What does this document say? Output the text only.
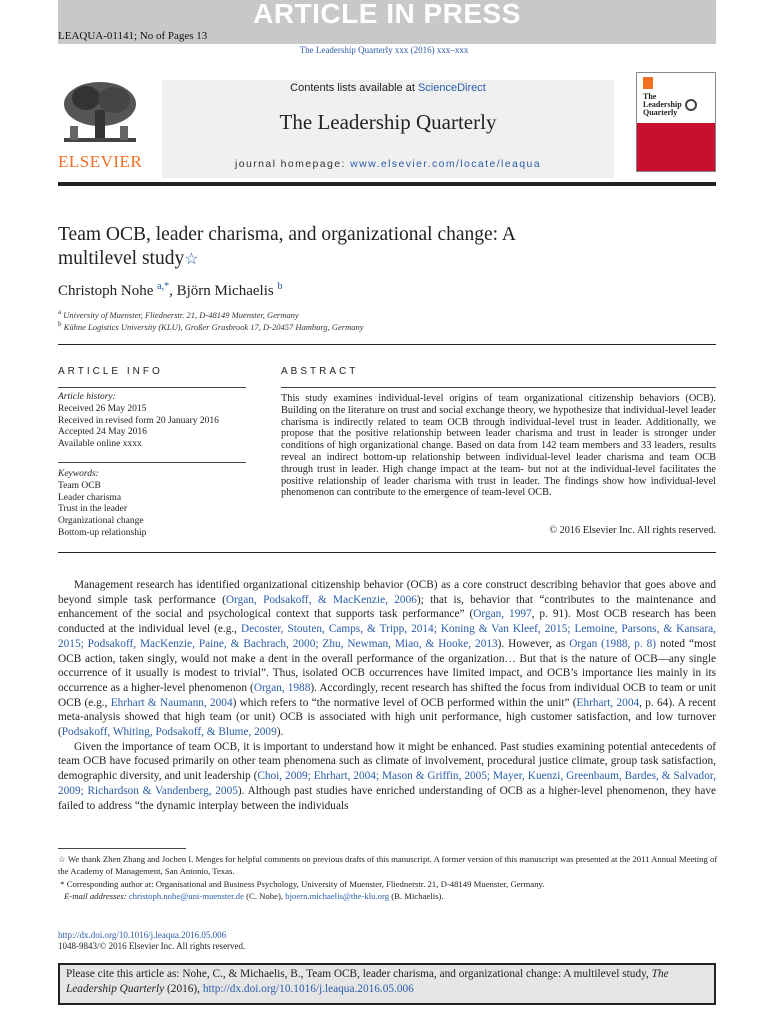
ARTICLE IN PRESS
LEAQUA-01141; No of Pages 13
The Leadership Quarterly xxx (2016) xxx–xxx
ELSEVIER
Contents lists available at ScienceDirect
The Leadership Quarterly
journal homepage: www.elsevier.com/locate/leaqua
The
Leadership
Quarterly
Team OCB, leader charisma, and organizational change: A
multilevel study☆
Christoph Nohe $^{a,*}$, Björn Michaelis $^b$
$^a$ University of Muenster, Fliednerstr. 21, D-48149 Muenster, Germany
$^b$ Kühne Logistics University (KLU), Großer Grasbrook 17, D-20457 Hamburg, Germany
ARTICLE INFO
Article history:
Received 26 May 2015
Received in revised form 20 January 2016
Accepted 24 May 2016
Available online xxxx
Keywords:
Team OCB
Leader charisma
Trust in the leader
Organizational change
Bottom-up relationship
ABSTRACT
This study examines individual-level origins of team organizational citizenship behaviors (OCB). Building on the literature on trust and social exchange theory, we hypothesize that individual-level leader charisma is indirectly related to team OCB through individual-level trust in leader. Additionally, we propose that the positive relationship between leader charisma and trust in leader is stronger under conditions of high organizational change. Based on data from 142 team members and 33 leaders, results reveal an indirect bottom-up relationship between individual-level leader charisma and team OCB through trust in leader. High change impact at the team- but not at the individual-level facilitates the positive relationship of leader charisma with trust in leader. The findings show how individual-level phenomenon can contribute to the emergence of team-level OCB.
© 2016 Elsevier Inc. All rights reserved.

Management research has identified organizational citizenship behavior (OCB) as a core construct describing behavior that goes above and beyond simple task performance (Organ, Podsakoff, & MacKenzie, 2006); that is, behavior that “contributes to the maintenance and enhancement of the social and psychological context that supports task performance” (Organ, 1997, p. 91). Most OCB research has been conducted at the individual level (e.g., Decoster, Stouten, Camps, & Tripp, 2014; Koning & Van Kleef, 2015; Lemoine, Parsons, & Kansara, 2015; Podsakoff, MacKenzie, Paine, & Bachrach, 2000; Zhu, Newman, Miao, & Hooke, 2013). However, as Organ (1988, p. 8) noted “most OCB action, taken singly, would not make a dent in the overall performance of the organization… But that is the nature of OCB—any single occurrence of it usually is modest to trivial”. Thus, isolated OCB occurrences have limited impact, and OCB’s importance lies mainly in its occurrence as a higher-level phenomenon (Organ, 1988). Accordingly, recent research has shifted the focus from individual OCB to team or unit OCB (e.g., Ehrhart & Naumann, 2004) which refers to “the normative level of OCB performed within the unit” (Ehrhart, 2004, p. 64). A recent meta-analysis showed that high team (or unit) OCB is associated with high unit performance, high customer satisfaction, and low turnover (Podsakoff, Whiting, Podsakoff, & Blume, 2009).

Given the importance of team OCB, it is important to understand how it might be enhanced. Past studies examining potential antecedents of team OCB have focused primarily on other team phenomena such as climate of involvement, procedural justice climate, group task satisfaction, demographic diversity, and unit leadership (Choi, 2009; Ehrhart, 2004; Mason & Griffin, 2005; Mayer, Kuenzi, Greenbaum, Bardes, & Salvador, 2009; Richardson & Vandenberg, 2005). Although past studies have enriched understanding of OCB as a higher-level phenomenon, they have failed to address “the dynamic interplay between the individuals

☆ We thank Zhen Zhang and Jochen I. Menges for helpful comments on previous drafts of this manuscript. A former version of this manuscript was presented at the 2011 Annual Meeting of the Academy of Management, San Antonio, Texas.
* Corresponding author at: Organisational and Business Psychology, University of Muenster, Fliednerstr. 21, D-48149 Muenster, Germany.
E-mail addresses: christoph.nohe@uni-muenster.de (C. Nohe), bjoern.michaelis@the-klu.org (B. Michaelis).
http://dx.doi.org/10.1016/j.leaqua.2016.05.006
1048-9843/© 2016 Elsevier Inc. All rights reserved.
Please cite this article as: Nohe, C., & Michaelis, B., Team OCB, leader charisma, and organizational change: A multilevel study, The Leadership Quarterly (2016), http://dx.doi.org/10.1016/j.leaqua.2016.05.006
